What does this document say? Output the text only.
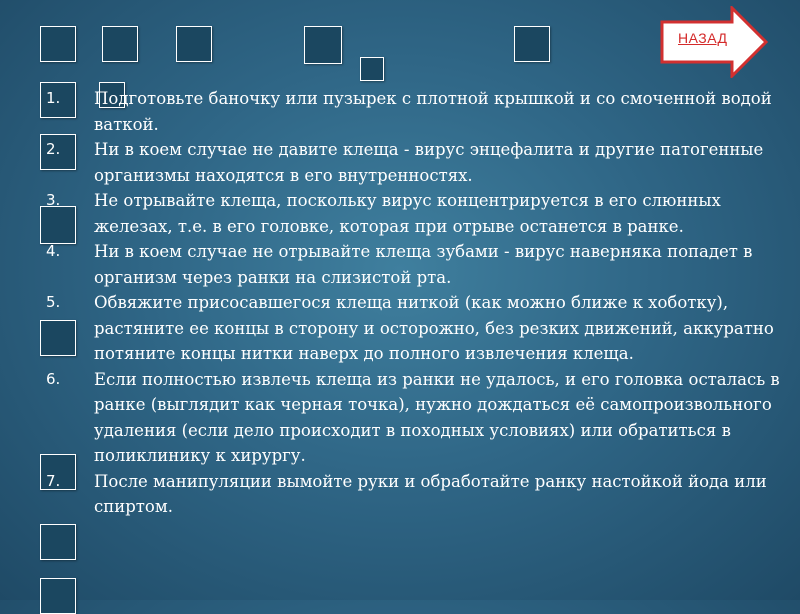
НАЗАД
1. Подготовьте баночку или пузырек с плотной крышкой и со смоченной водой ваткой.
2. Ни в коем случае не давите клеща - вирус энцефалита и другие патогенные организмы находятся в его внутренностях.
3. Не отрывайте клеща, поскольку вирус концентрируется в его слюнных железах, т.е. в его головке, которая при отрыве останется в ранке.
4. Ни в коем случае не отрывайте клеща зубами - вирус наверняка попадет в организм через ранки на слизистой рта.
5. Обвяжите присосавшегося клеща ниткой (как можно ближе к хоботку), растяните ее концы в сторону и осторожно, без резких движений, аккуратно потяните концы нитки наверх до полного извлечения клеща.
6. Если полностью извлечь клеща из ранки не удалось, и его головка осталась в ранке (выглядит как черная точка), нужно дождаться её самопроизвольного удаления (если дело происходит в походных условиях) или обратиться в поликлинику к хирургу.
7. После манипуляции вымойте руки и обработайте ранку настойкой йода или спиртом.
